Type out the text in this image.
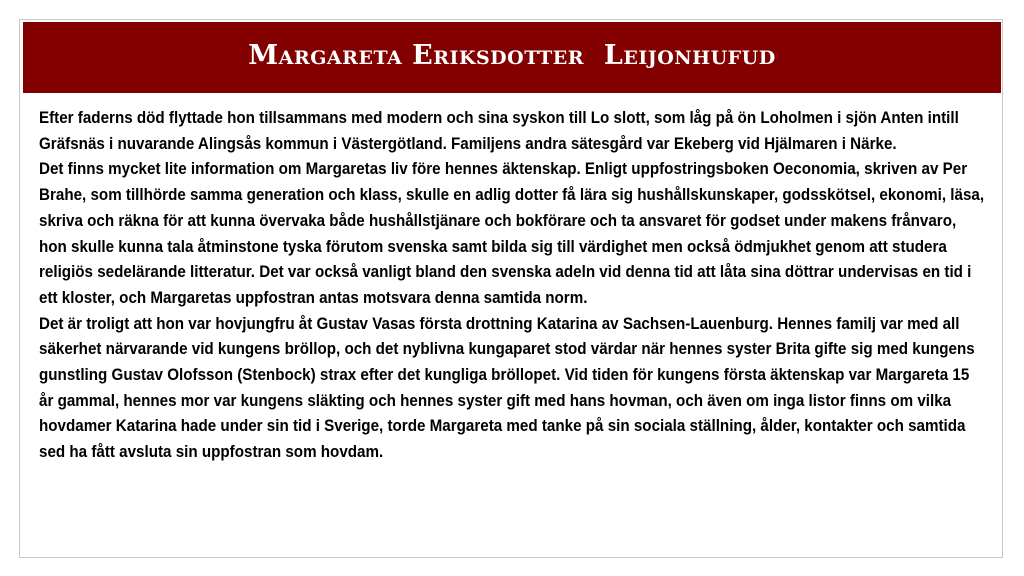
Margareta Eriksdotter  Leijonhufud

Efter faderns död flyttade hon tillsammans med modern och sina syskon till Lo slott, som låg på ön Loholmen i sjön Anten intill Gräfsnäs i nuvarande Alingsås kommun i Västergötland. Familjens andra sätesgård var Ekeberg vid Hjälmaren i Närke.

Det finns mycket lite information om Margaretas liv före hennes äktenskap. Enligt uppfostringsboken Oeconomia, skriven av Per Brahe, som tillhörde samma generation och klass, skulle en adlig dotter få lära sig hushållskunskaper, godsskötsel, ekonomi, läsa, skriva och räkna för att kunna övervaka både hushållstjänare och bokförare och ta ansvaret för godset under makens frånvaro, hon skulle kunna tala åtminstone tyska förutom svenska samt bilda sig till värdighet men också ödmjukhet genom att studera religiös sedelärande litteratur. Det var också vanligt bland den svenska adeln vid denna tid att låta sina döttrar undervisas en tid i ett kloster, och Margaretas uppfostran antas motsvara denna samtida norm.

Det är troligt att hon var hovjungfru åt Gustav Vasas första drottning Katarina av Sachsen-Lauenburg. Hennes familj var med all säkerhet närvarande vid kungens bröllop, och det nyblivna kungaparet stod värdar när hennes syster Brita gifte sig med kungens gunstling Gustav Olofsson (Stenbock) strax efter det kungliga bröllopet. Vid tiden för kungens första äktenskap var Margareta 15 år gammal, hennes mor var kungens släkting och hennes syster gift med hans hovman, och även om inga listor finns om vilka hovdamer Katarina hade under sin tid i Sverige, torde Margareta med tanke på sin sociala ställning, ålder, kontakter och samtida sed ha fått avsluta sin uppfostran som hovdam.
